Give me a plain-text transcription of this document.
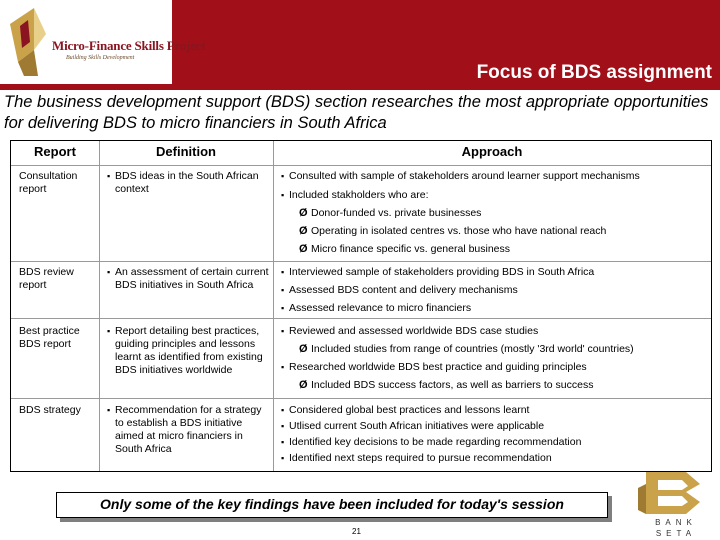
Micro-Finance Skills Project
Building Skills Development
Focus of BDS assignment
The business development support (BDS) section researches the most appropriate opportunities for delivering BDS to micro financiers in South Africa
Report	Definition	Approach
Consultation report
▪ BDS ideas in the South African context
▪ Consulted with sample of stakeholders around learner support mechanisms
▪ Included stakholders who are:
Ø Donor-funded vs. private businesses
Ø Operating in isolated centres vs. those who have national reach
Ø Micro finance specific vs. general business
BDS review report
▪ An assessment of certain current BDS initiatives in South Africa
▪ Interviewed sample of stakeholders providing BDS in South Africa
▪ Assessed BDS content and delivery mechanisms
▪ Assessed relevance to micro financiers
Best practice BDS report
▪ Report detailing best practices, guiding principles and lessons learnt as identified from existing BDS initiatives worldwide
▪ Reviewed and assessed worldwide BDS case studies
Ø Included studies from range of countries (mostly '3rd world' countries)
▪ Researched worldwide BDS best practice and guiding principles
Ø Included BDS success factors, as well as barriers to success
BDS strategy
▪	Recommendation for a strategy to establish a BDS initiative aimed at micro financiers in South Africa
▪ Considered global best practices and lessons learnt
▪ Utlised current South African initiatives were applicable
▪ Identified key decisions to be made regarding recommendation
▪ Identified next steps required to pursue recommendation
Only some of the key findings have been included for today's session
21
BANK
SETA
